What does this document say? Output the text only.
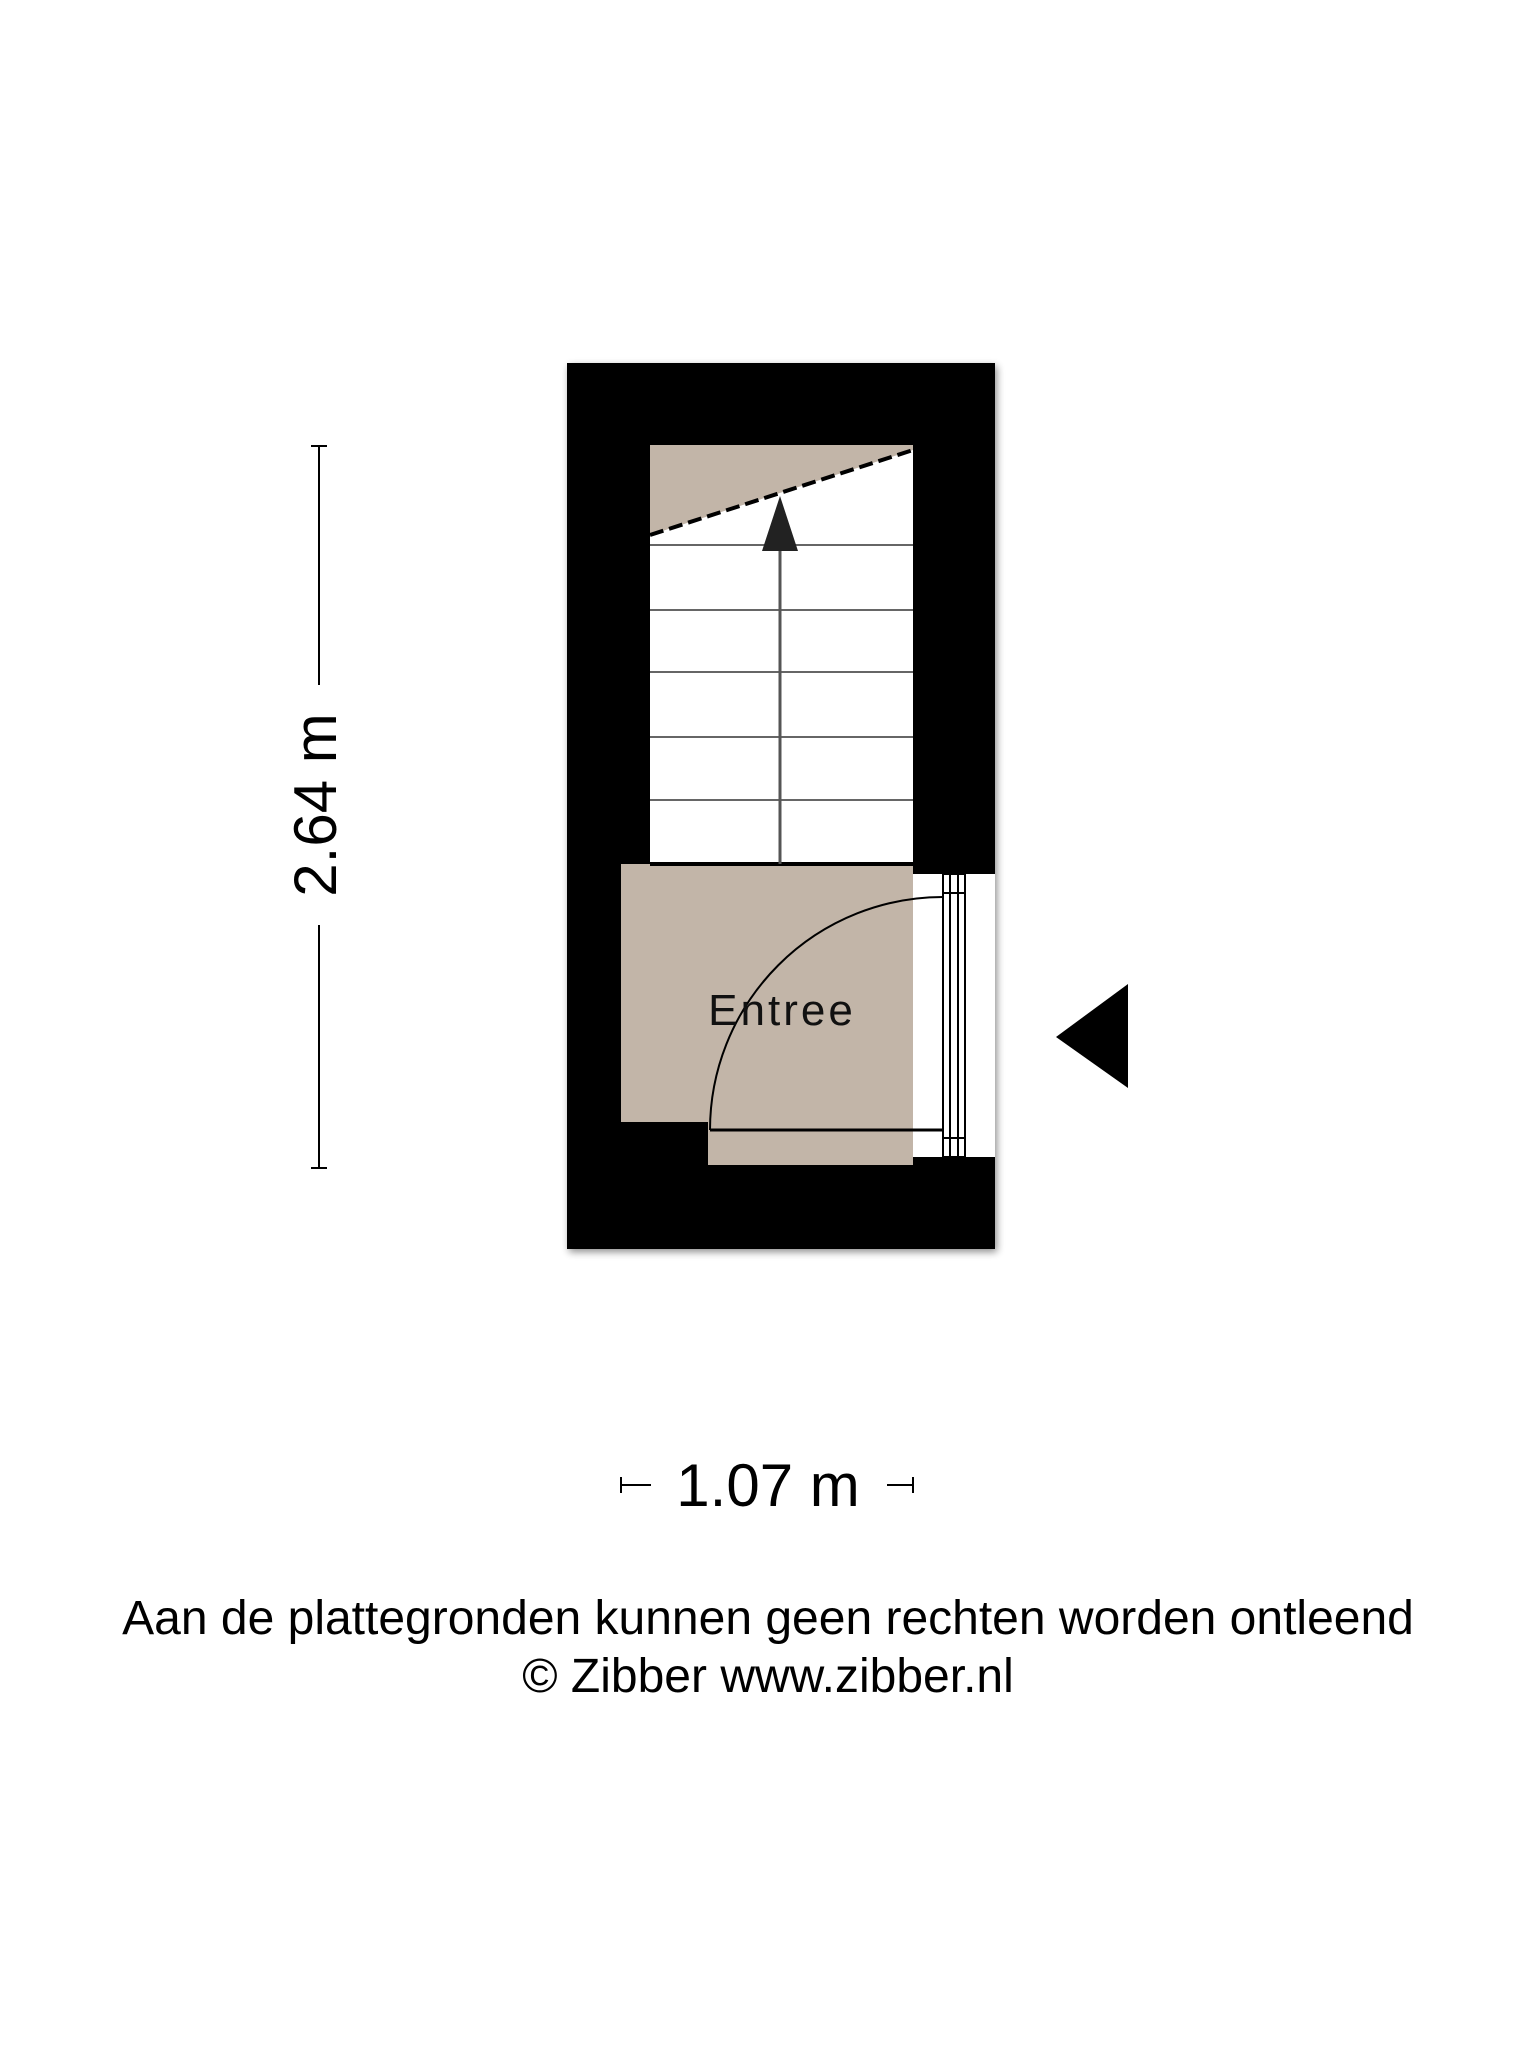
Entree
2.64 m
1.07 m
Aan de plattegronden kunnen geen rechten worden ontleend
© Zibber www.zibber.nl
